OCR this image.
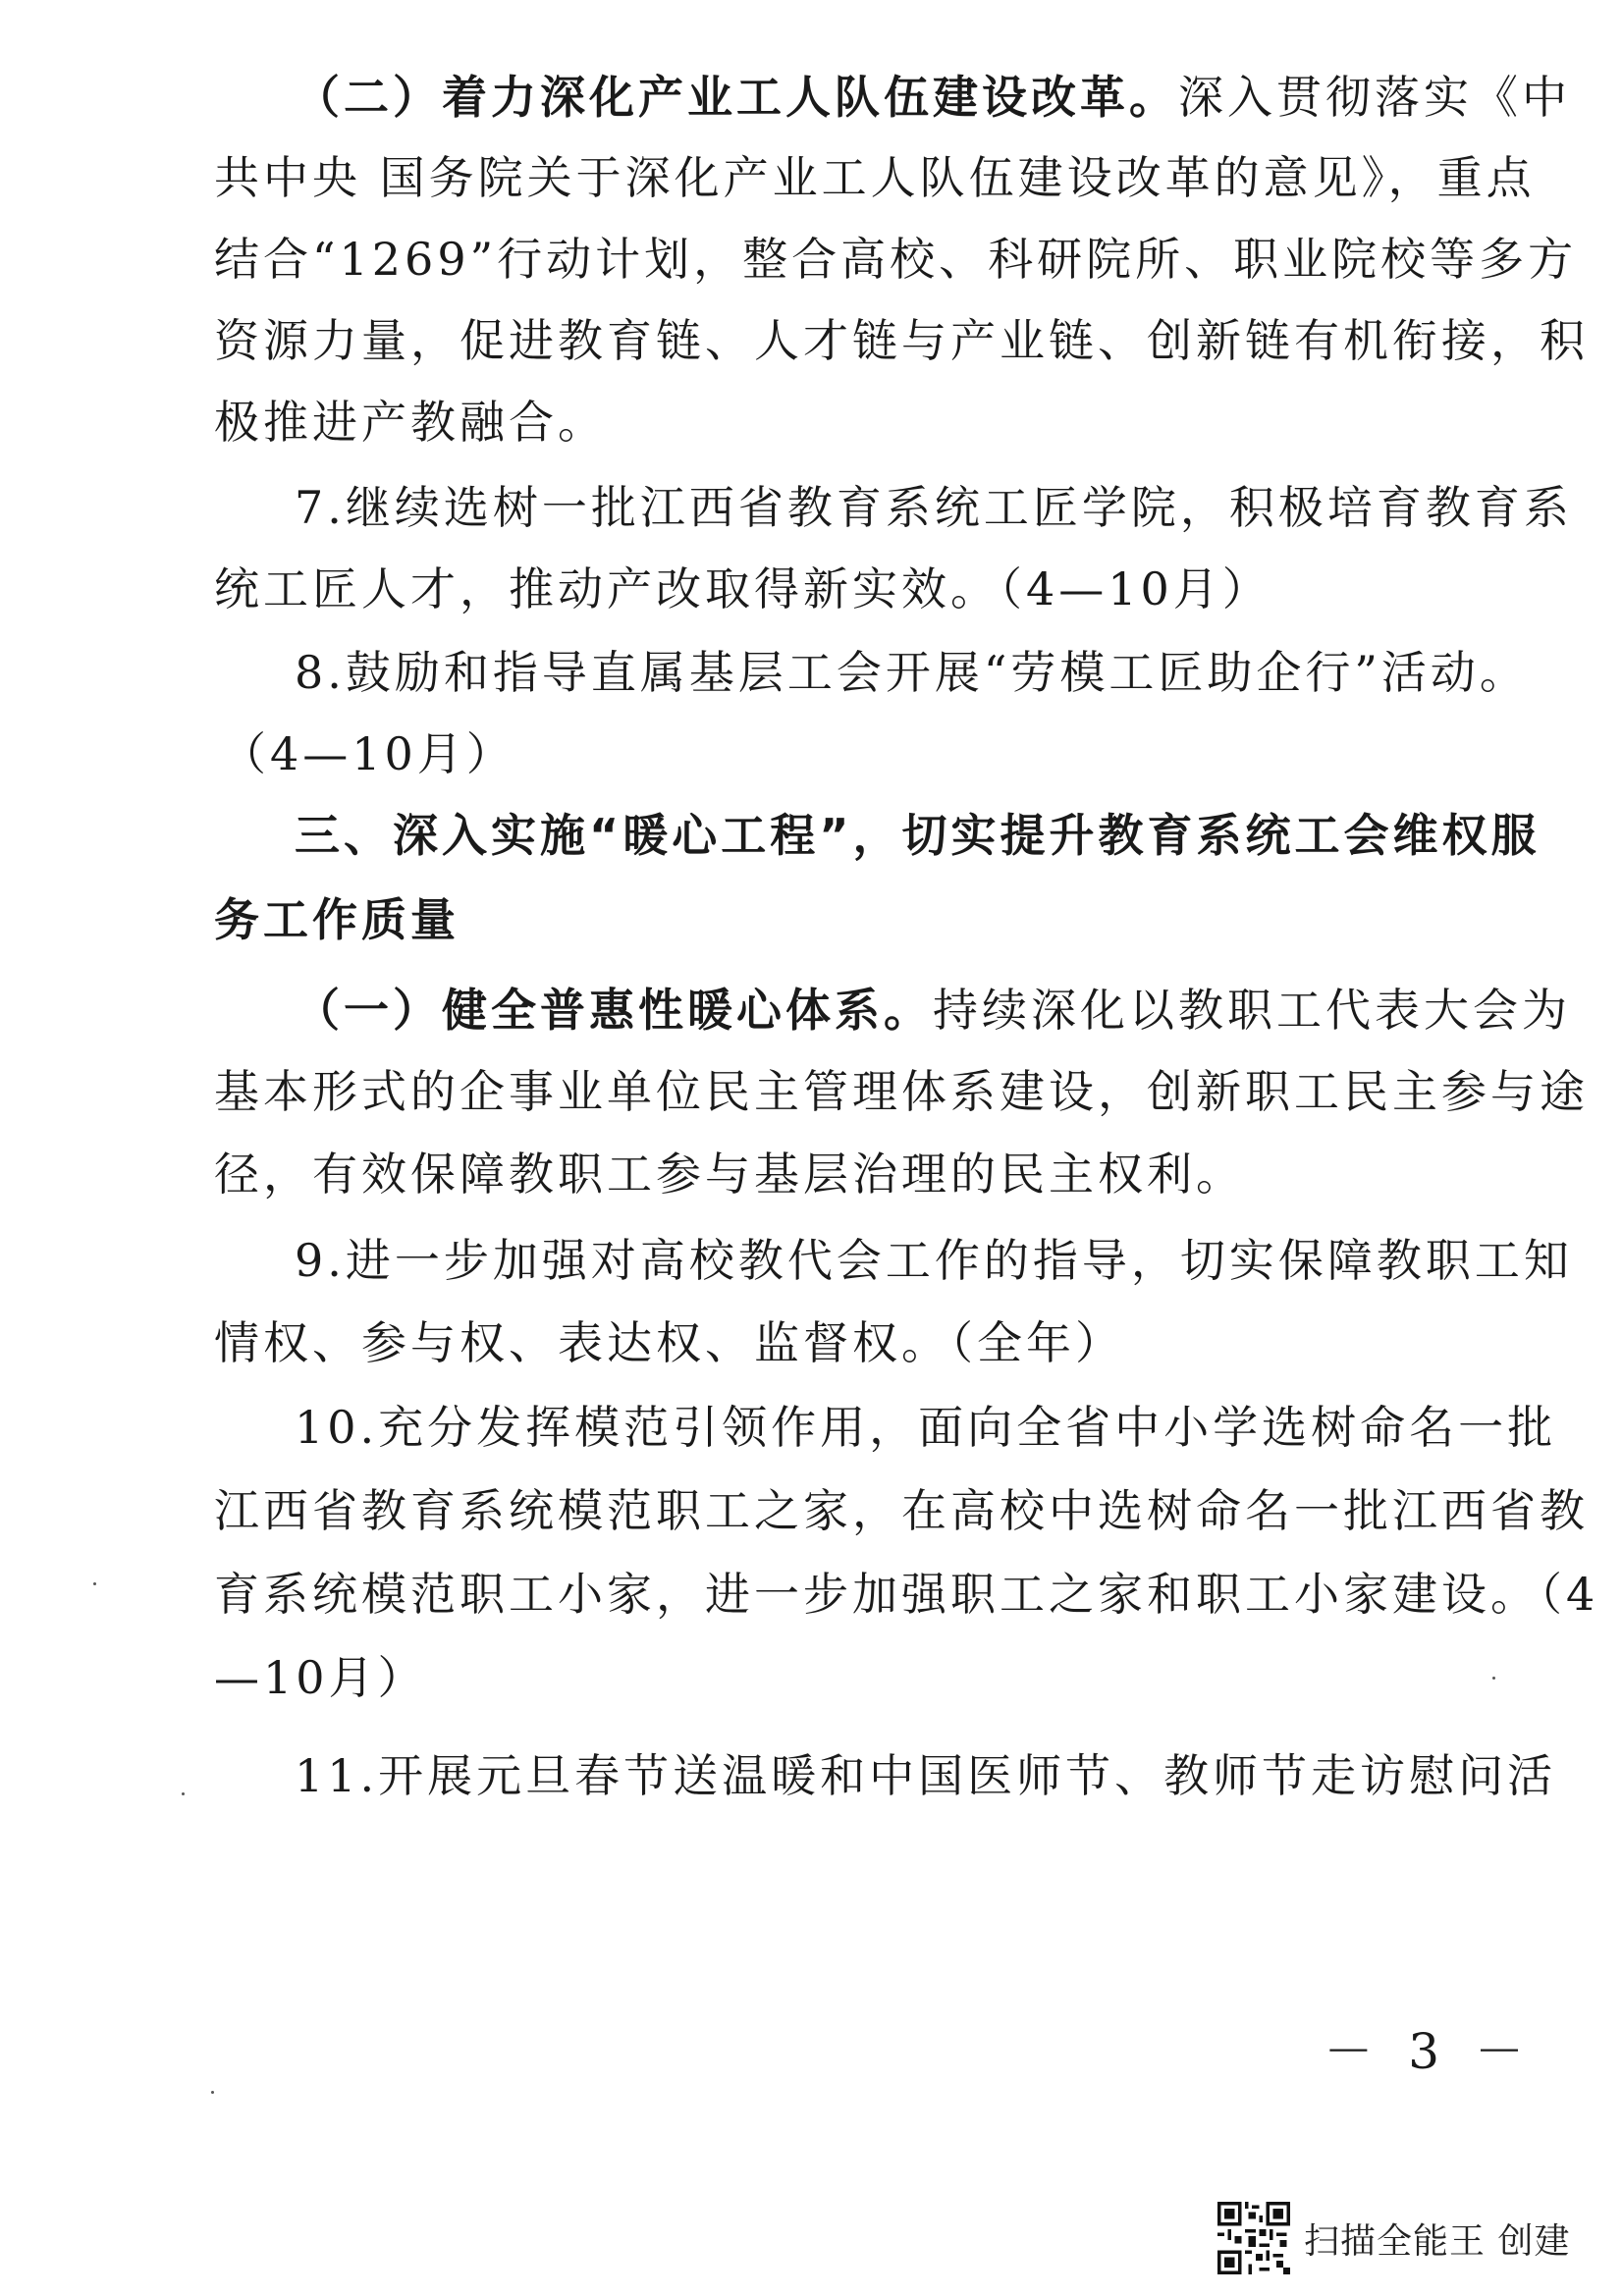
（二）着力深化产业工人队伍建设改革。深入贯彻落实《中
共中央 国务院关于深化产业工人队伍建设改革的意见》，重点
结合“1269”行动计划，整合高校、科研院所、职业院校等多方
资源力量，促进教育链、人才链与产业链、创新链有机衔接，积
极推进产教融合。
7.继续选树一批江西省教育系统工匠学院，积极培育教育系
统工匠人才，推动产改取得新实效。（4—10月）
8.鼓励和指导直属基层工会开展“劳模工匠助企行”活动。
（4—10月）
三、深入实施“暖心工程”，切实提升教育系统工会维权服
务工作质量
（一）健全普惠性暖心体系。持续深化以教职工代表大会为
基本形式的企事业单位民主管理体系建设，创新职工民主参与途
径，有效保障教职工参与基层治理的民主权利。
9.进一步加强对高校教代会工作的指导，切实保障教职工知
情权、参与权、表达权、监督权。（全年）
10.充分发挥模范引领作用，面向全省中小学选树命名一批
江西省教育系统模范职工之家，在高校中选树命名一批江西省教
育系统模范职工小家，进一步加强职工之家和职工小家建设。（4
—10月）
11.开展元旦春节送温暖和中国医师节、教师节走访慰问活
－ 3 －
扫描全能王 创建
